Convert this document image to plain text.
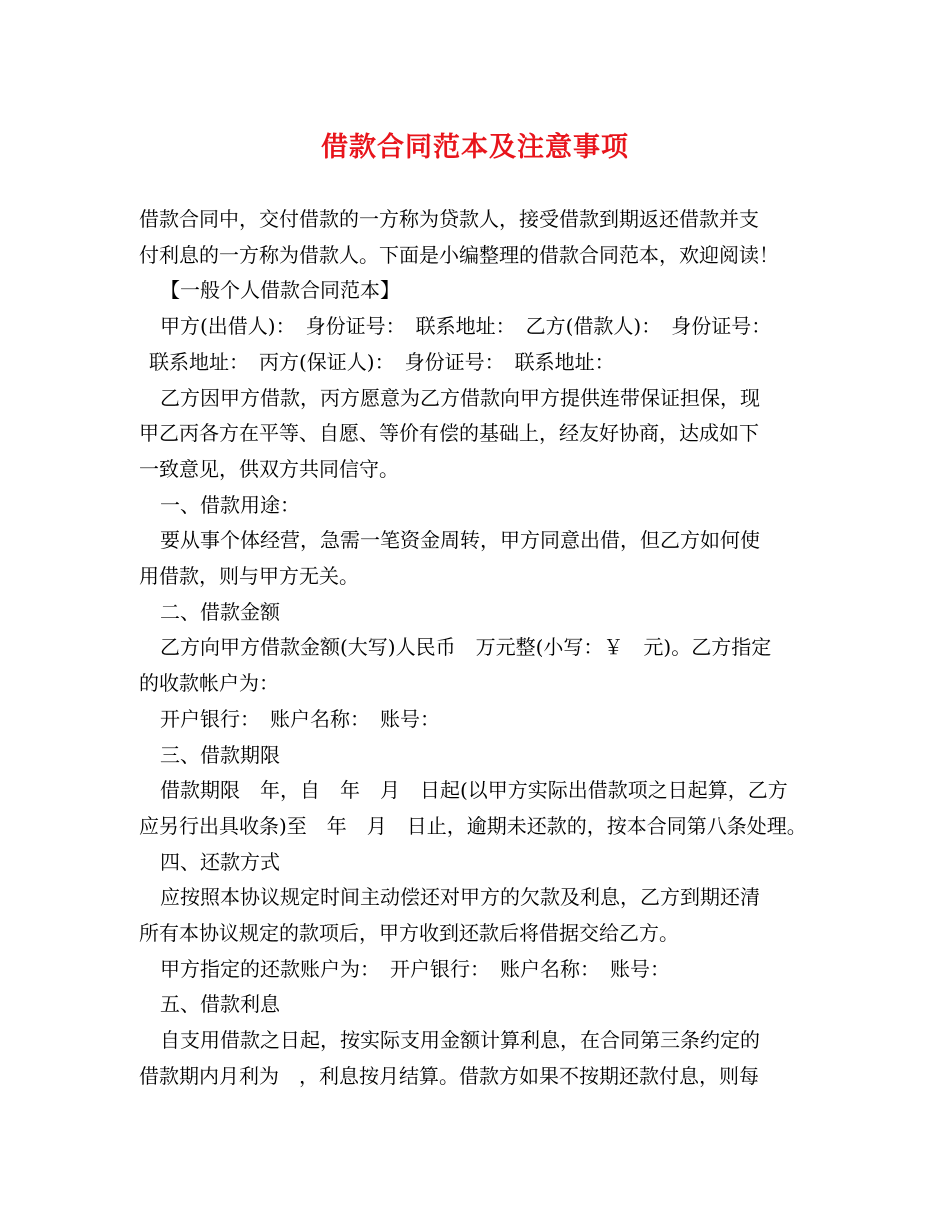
借款合同范本及注意事项

借款合同中，交付借款的一方称为贷款人，接受借款到期返还借款并支

付利息的一方称为借款人。下面是小编整理的借款合同范本，欢迎阅读！

【一般个人借款合同范本】

甲方(出借人)：　身份证号：　联系地址：　乙方(借款人)：　身份证号：

联系地址：　丙方(保证人)：　身份证号：　联系地址：

乙方因甲方借款，丙方愿意为乙方借款向甲方提供连带保证担保，现

甲乙丙各方在平等、自愿、等价有偿的基础上，经友好协商，达成如下

一致意见，供双方共同信守。

一、借款用途：

要从事个体经营，急需一笔资金周转，甲方同意出借，但乙方如何使

用借款，则与甲方无关。

二、借款金额

乙方向甲方借款金额(大写)人民币　万元整(小写：￥　元)。乙方指定

的收款帐户为：

开户银行：　账户名称：　账号：

三、借款期限

借款期限　年，自　年　月　日起(以甲方实际出借款项之日起算，乙方

应另行出具收条)至　年　月　日止，逾期未还款的，按本合同第八条处理。

四、还款方式

应按照本协议规定时间主动偿还对甲方的欠款及利息，乙方到期还清

所有本协议规定的款项后，甲方收到还款后将借据交给乙方。

甲方指定的还款账户为：　开户银行：　账户名称：　账号：

五、借款利息

自支用借款之日起，按实际支用金额计算利息，在合同第三条约定的

借款期内月利为　，利息按月结算。借款方如果不按期还款付息，则每
